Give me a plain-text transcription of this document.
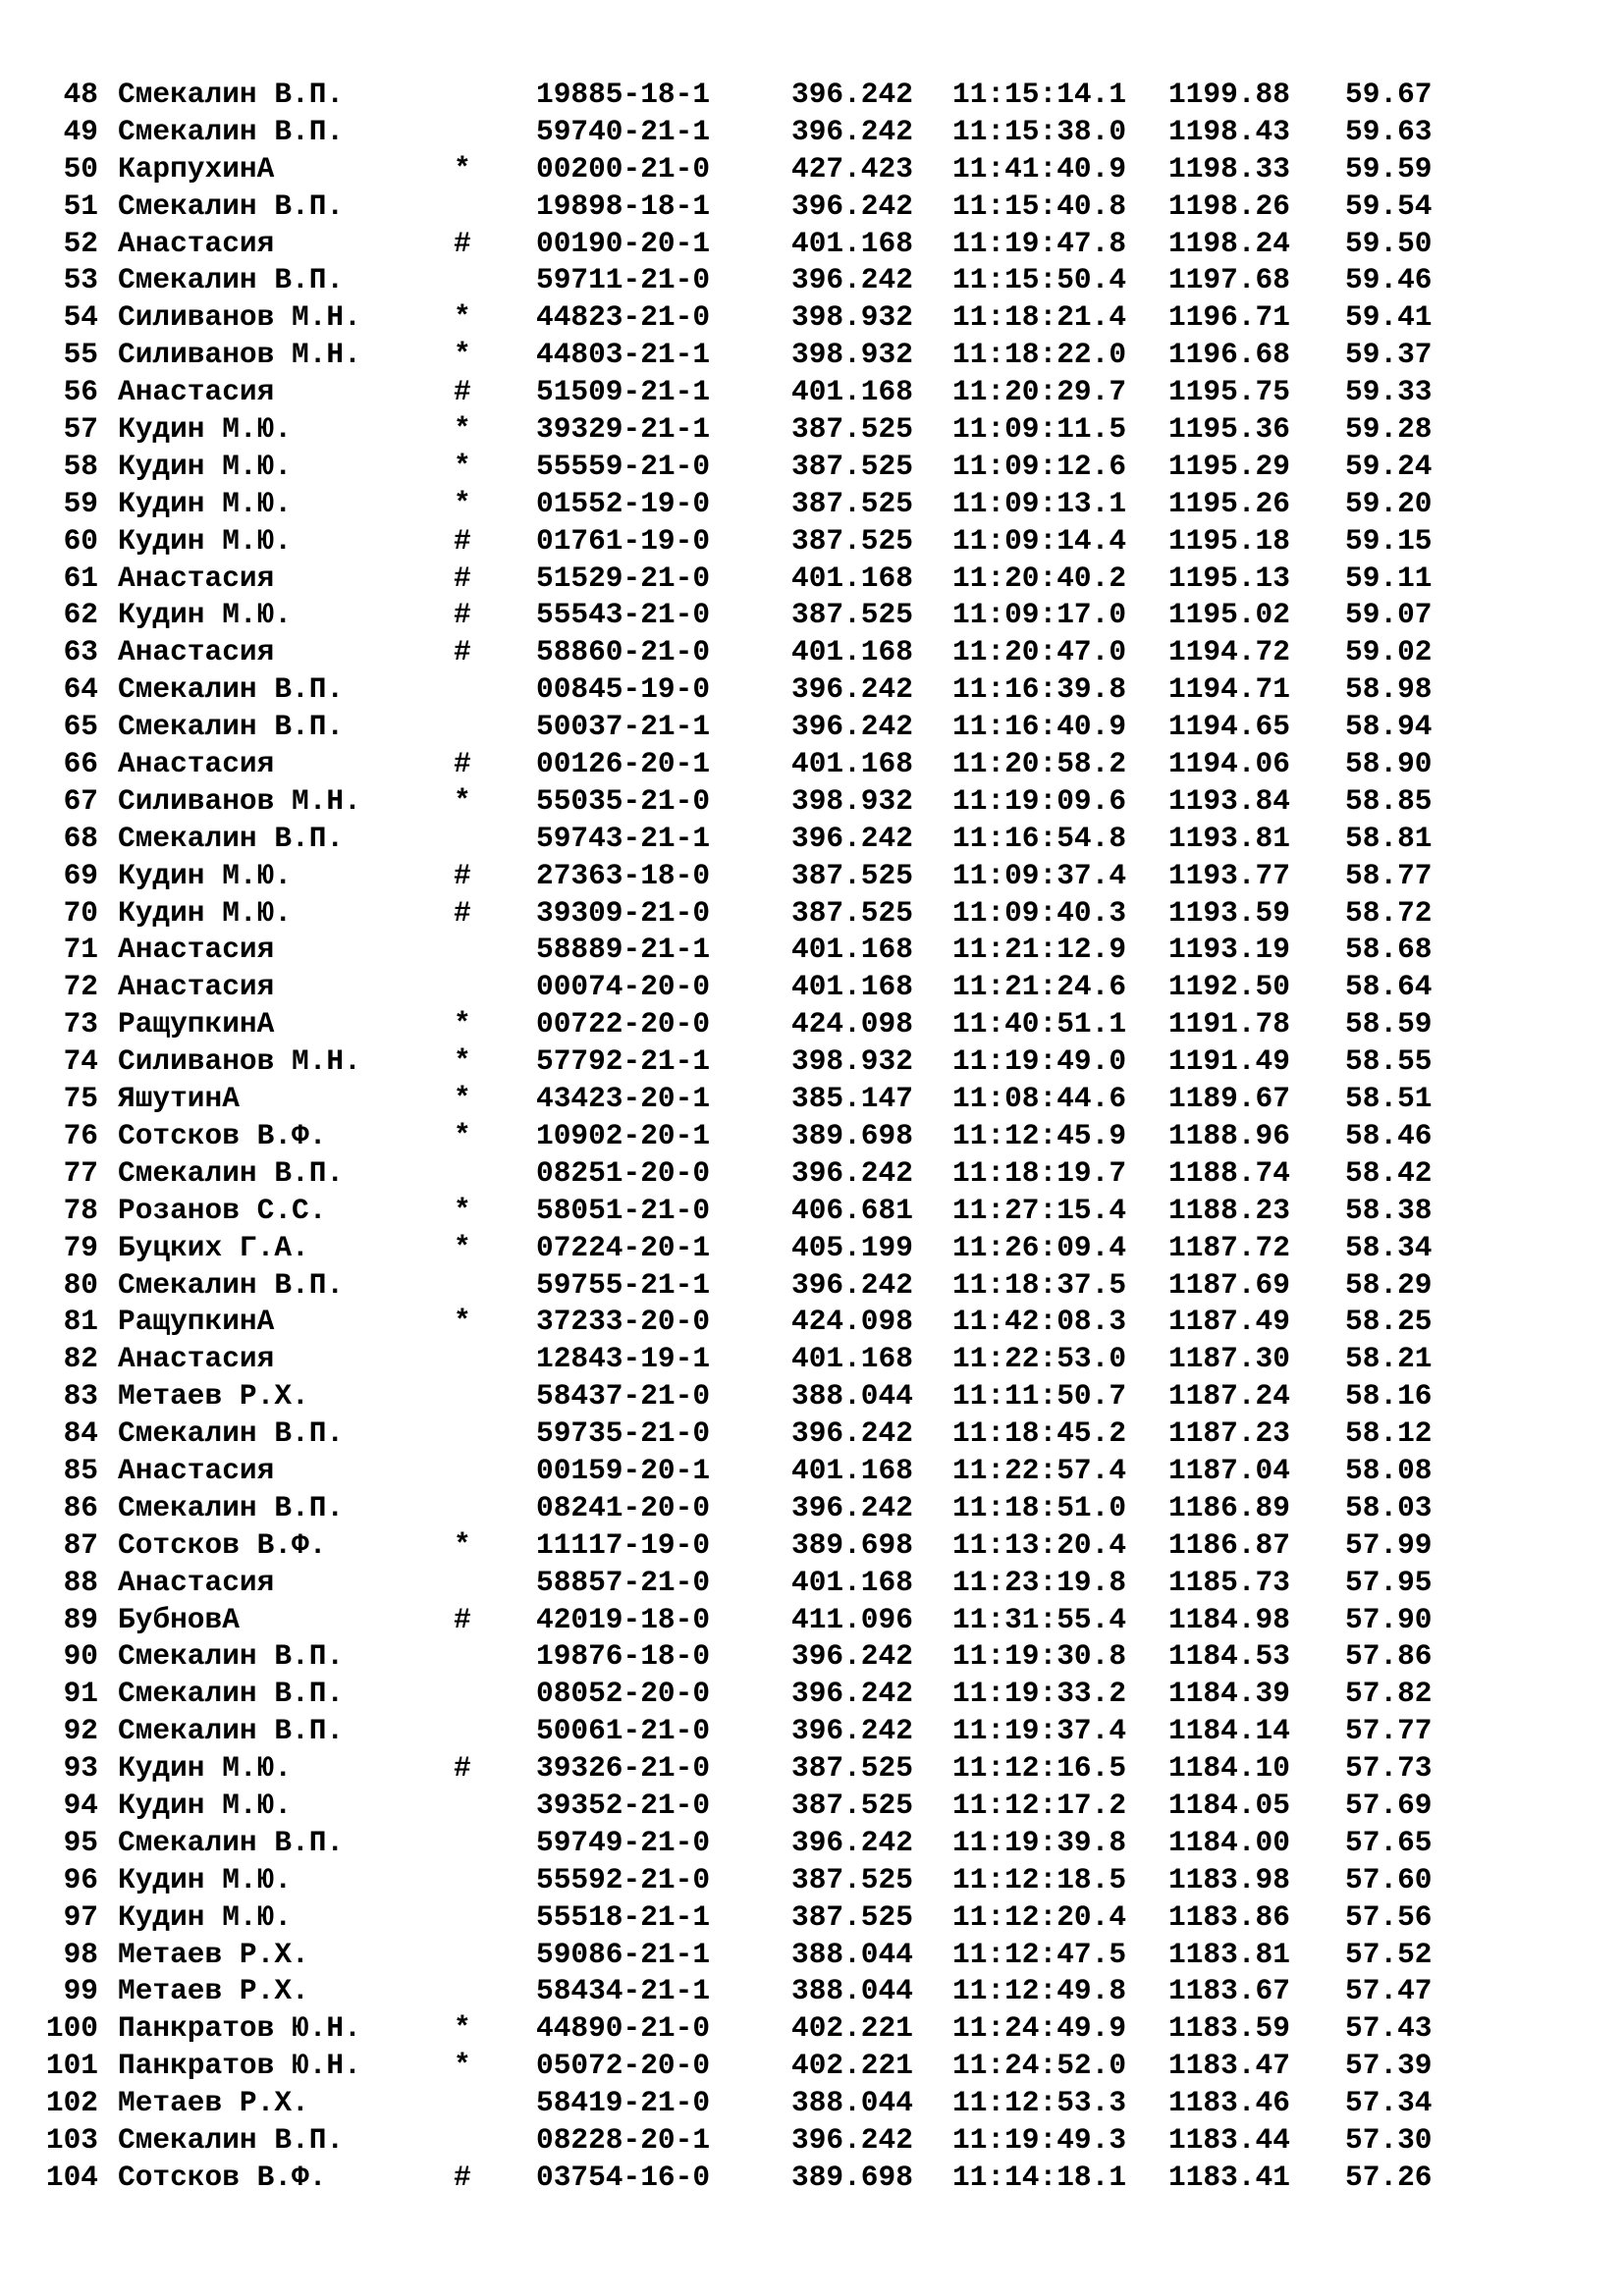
48 Смекалин В.П.	19885-18-1	396.242 11:15:14.1 1199.88 59.67
49 Смекалин В.П.	59740-21-1	396.242 11:15:38.0 1198.43 59.63
50 КарпухинА	* 00200-21-0	427.423 11:41:40.9 1198.33 59.59
51 Смекалин В.П.	19898-18-1	396.242 11:15:40.8 1198.26 59.54
52 Анастасия	# 00190-20-1	401.168 11:19:47.8 1198.24 59.50
53 Смекалин В.П.	59711-21-0	396.242 11:15:50.4 1197.68 59.46
54 Силиванов М.Н.	* 44823-21-0	398.932 11:18:21.4 1196.71 59.41
55 Силиванов М.Н.	* 44803-21-1	398.932 11:18:22.0 1196.68 59.37
56 Анастасия	# 51509-21-1	401.168 11:20:29.7 1195.75 59.33
57 Кудин М.Ю.	* 39329-21-1	387.525 11:09:11.5 1195.36 59.28
58 Кудин М.Ю.	* 55559-21-0	387.525 11:09:12.6 1195.29 59.24
59 Кудин М.Ю.	* 01552-19-0	387.525 11:09:13.1 1195.26 59.20
60 Кудин М.Ю.	# 01761-19-0	387.525 11:09:14.4 1195.18 59.15
61 Анастасия	# 51529-21-0	401.168 11:20:40.2 1195.13 59.11
62 Кудин М.Ю.	# 55543-21-0	387.525 11:09:17.0 1195.02 59.07
63 Анастасия	# 58860-21-0	401.168 11:20:47.0 1194.72 59.02
64 Смекалин В.П.	00845-19-0	396.242 11:16:39.8 1194.71 58.98
65 Смекалин В.П.	50037-21-1	396.242 11:16:40.9 1194.65 58.94
66 Анастасия	# 00126-20-1	401.168 11:20:58.2 1194.06 58.90
67 Силиванов М.Н.	* 55035-21-0	398.932 11:19:09.6 1193.84 58.85
68 Смекалин В.П.	59743-21-1	396.242 11:16:54.8 1193.81 58.81
69 Кудин М.Ю.	# 27363-18-0	387.525 11:09:37.4 1193.77 58.77
70 Кудин М.Ю.	# 39309-21-0	387.525 11:09:40.3 1193.59 58.72
71 Анастасия	58889-21-1	401.168 11:21:12.9 1193.19 58.68
72 Анастасия	00074-20-0	401.168 11:21:24.6 1192.50 58.64
73 РащупкинА	* 00722-20-0	424.098 11:40:51.1 1191.78 58.59
74 Силиванов М.Н.	* 57792-21-1	398.932 11:19:49.0 1191.49 58.55
75 ЯшутинА	* 43423-20-1	385.147 11:08:44.6 1189.67 58.51
76 Сотсков В.Ф.	* 10902-20-1	389.698 11:12:45.9 1188.96 58.46
77 Смекалин В.П.	08251-20-0	396.242 11:18:19.7 1188.74 58.42
78 Розанов С.С.	* 58051-21-0	406.681 11:27:15.4 1188.23 58.38
79 Буцких Г.А.	* 07224-20-1	405.199 11:26:09.4 1187.72 58.34
80 Смекалин В.П.	59755-21-1	396.242 11:18:37.5 1187.69 58.29
81 РащупкинА	* 37233-20-0	424.098 11:42:08.3 1187.49 58.25
82 Анастасия	12843-19-1	401.168 11:22:53.0 1187.30 58.21
83 Метаев Р.Х.	58437-21-0	388.044 11:11:50.7 1187.24 58.16
84 Смекалин В.П.	59735-21-0	396.242 11:18:45.2 1187.23 58.12
85 Анастасия	00159-20-1	401.168 11:22:57.4 1187.04 58.08
86 Смекалин В.П.	08241-20-0	396.242 11:18:51.0 1186.89 58.03
87 Сотсков В.Ф.	* 11117-19-0	389.698 11:13:20.4 1186.87 57.99
88 Анастасия	58857-21-0	401.168 11:23:19.8 1185.73 57.95
89 БубновА	# 42019-18-0	411.096 11:31:55.4 1184.98 57.90
90 Смекалин В.П.	19876-18-0	396.242 11:19:30.8 1184.53 57.86
91 Смекалин В.П.	08052-20-0	396.242 11:19:33.2 1184.39 57.82
92 Смекалин В.П.	50061-21-0	396.242 11:19:37.4 1184.14 57.77
93 Кудин М.Ю.	# 39326-21-0	387.525 11:12:16.5 1184.10 57.73
94 Кудин М.Ю.	39352-21-0	387.525 11:12:17.2 1184.05 57.69
95 Смекалин В.П.	59749-21-0	396.242 11:19:39.8 1184.00 57.65
96 Кудин М.Ю.	55592-21-0	387.525 11:12:18.5 1183.98 57.60
97 Кудин М.Ю.	55518-21-1	387.525 11:12:20.4 1183.86 57.56
98 Метаев Р.Х.	59086-21-1	388.044 11:12:47.5 1183.81 57.52
99 Метаев Р.Х.	58434-21-1	388.044 11:12:49.8 1183.67 57.47
100 Панкратов Ю.Н.	* 44890-21-0	402.221 11:24:49.9 1183.59 57.43
101 Панкратов Ю.Н.	* 05072-20-0	402.221 11:24:52.0 1183.47 57.39
102 Метаев Р.Х.	58419-21-0	388.044 11:12:53.3 1183.46 57.34
103 Смекалин В.П.	08228-20-1	396.242 11:19:49.3 1183.44 57.30
104 Сотсков В.Ф.	# 03754-16-0	389.698 11:14:18.1 1183.41 57.26
